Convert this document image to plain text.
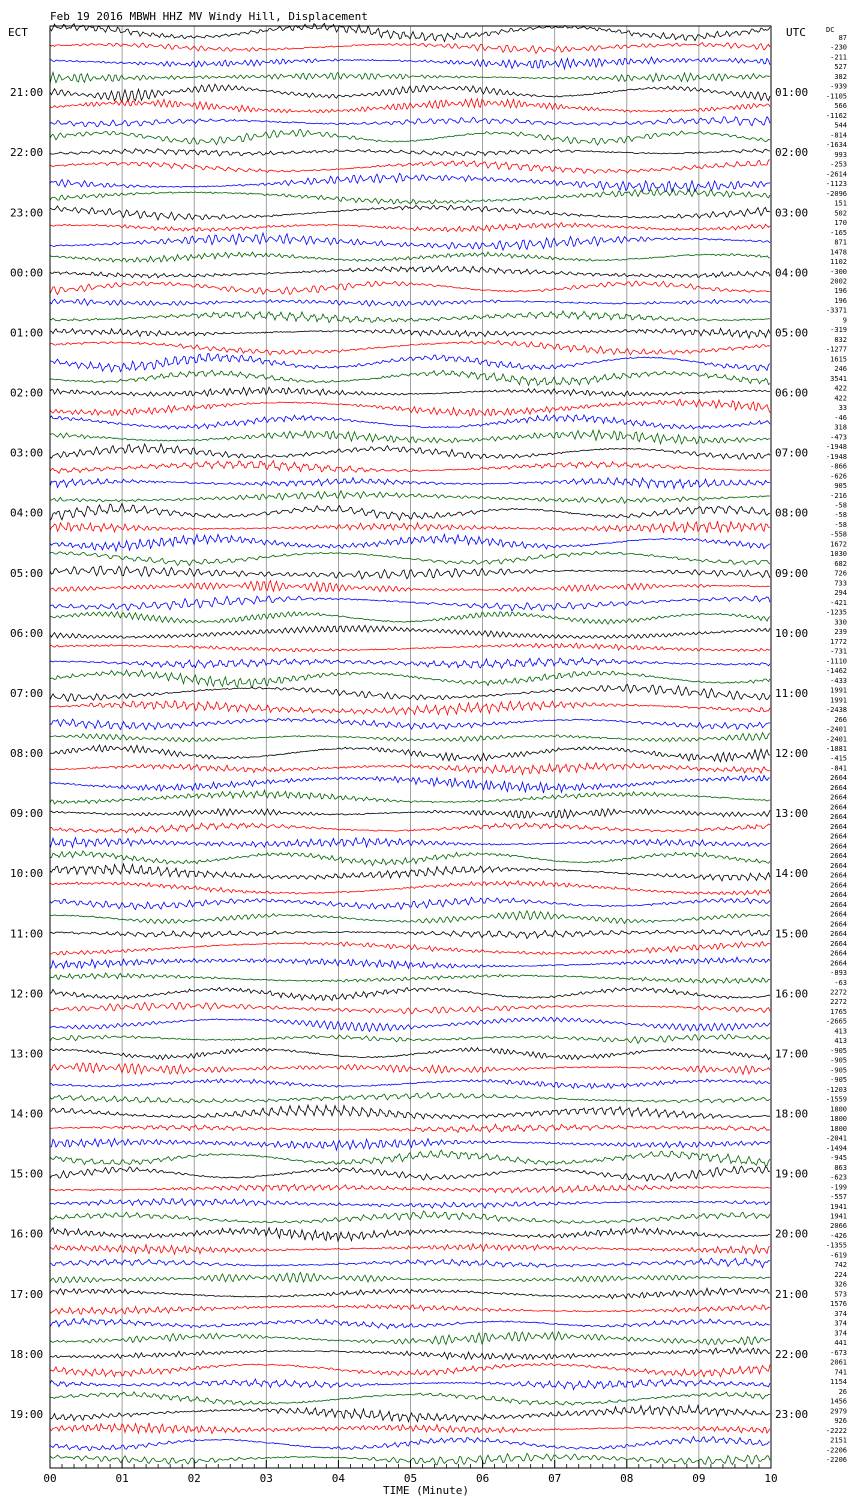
Feb 19 2016 MBWH HHZ MV Windy Hill, Displacement
ECT	UTC	DC
21:00
22:00
23:00
00:00
01:00
02:00
03:00
04:00
05:00
06:00
07:00
08:00
09:00
10:00
11:00
12:00
13:00
14:00
15:00
16:00
17:00
18:00
19:00
01:00
02:00
03:00
04:00
05:00
06:00
07:00
08:00
09:00
10:00
11:00
12:00
13:00
14:00
15:00
16:00
17:00
18:00
19:00
20:00
21:00
22:00
23:00
87
-230
-211
527
382
-939
-1105
566
-1162
544
-814
-1634
993
-253
-2614
-1123
-2096
151
502
170
-165
871
1478
1102
-300
2002
196
196
-3371
9
-319
832
-1277
1615
246
3541
422
422
33
-46
318
-473
-1948
-1948
-866
-626
905
-216
-58
-58
-58
-558
1672
1030
682
726
733
294
-421
-1235
330
239
1772
-731
-1110
-1462
-433
1991
1991
-2438
266
-2401
-2401
-1881
-415
-841
2664
2664
2664
2664
2664
2664
2664
2664
2664
2664
2664
2664
2664
2664
2664
2664
2664
2664
2664
2664
-893
-63
2272
2272
1765
-2665
413
413
-905
-905
-905
-905
-1203
-1559
1800
1800
1800
-2041
-1494
-945
863
-623
-199
-557
1941
1941
2066
-426
-1355
-619
742
224
326
573
1576
374
374
374
441
-673
2061
741
1154
26
1456
2979
926
-2222
2151
-2206
-2206
00	01	02	03	04	05	06	07	08	09	10
TIME (Minute)
